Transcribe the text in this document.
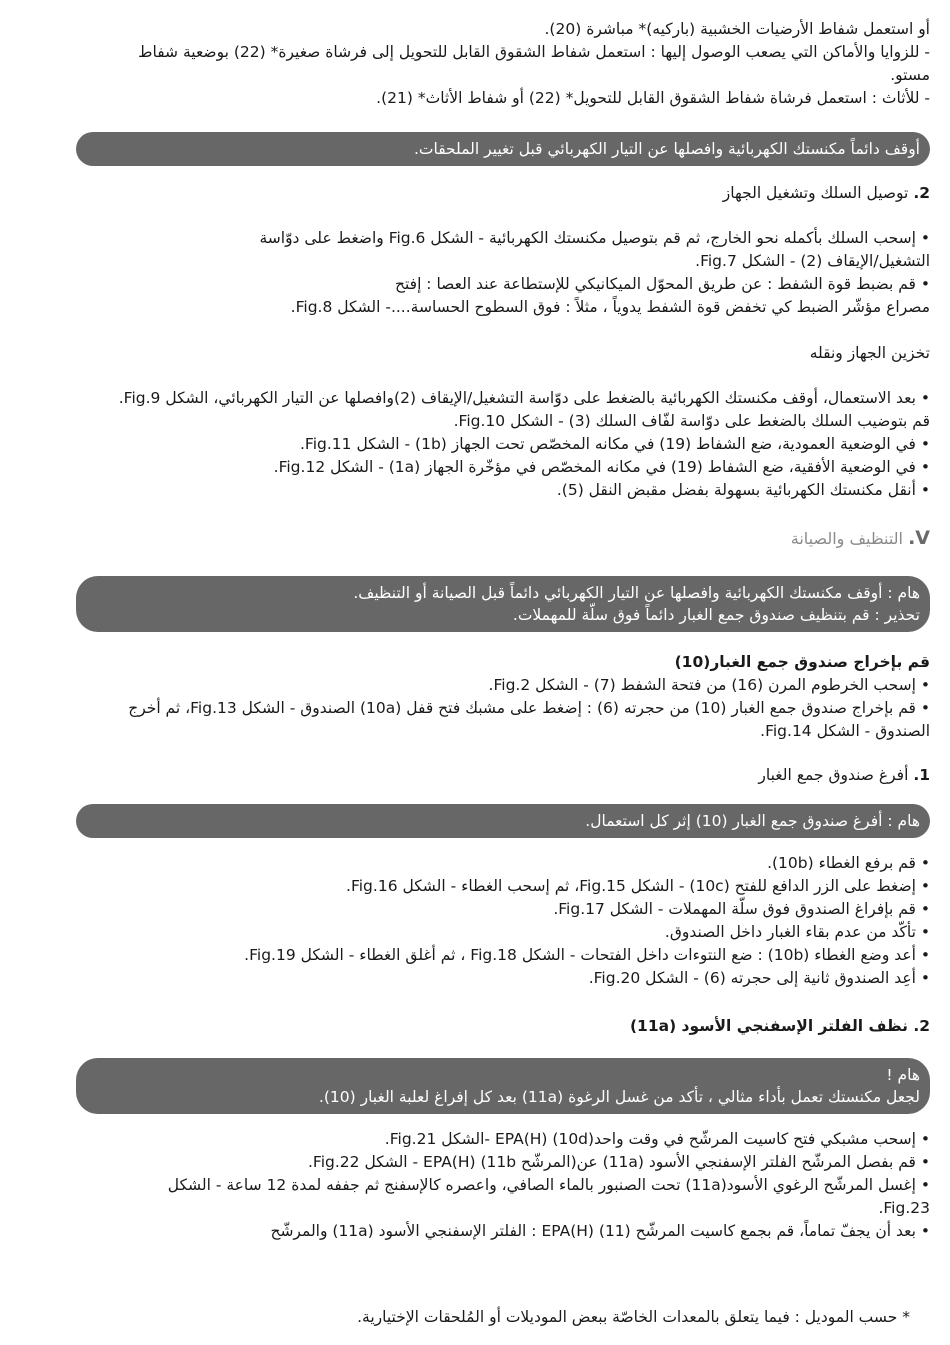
أو استعمل شفاط الأرضيات الخشبية (باركيه)* مباشرة (20).

- للزوايا والأماكن التي يصعب الوصول إليها : استعمل شفاط الشقوق القابل للتحويل إلى فرشاة صغيرة* (22) بوضعية شفاط

مستو.

- للأثاث : استعمل فرشاة شفاط الشقوق القابل للتحويل* (22) أو شفاط الأثاث* (21).

أوقف دائماً مكنستك الكهربائية وافصلها عن التيار الكهربائي قبل تغيير الملحقات.

2. توصيل السلك وتشغيل الجهاز

• إسحب السلك بأكمله نحو الخارج، ثم قم بتوصيل مكنستك الكهربائية - الشكل Fig.6 واضغط على دوّاسة

التشغيل/الإيقاف (2) - الشكل 7.Fig.

• قم بضبط قوة الشفط : عن طريق المحوّل الميكانيكي للإستطاعة عند العصا : إفتح

مصراع مؤشّر الضبط كي تخفض قوة الشفط يدوياً ، مثلاً : فوق السطوح الحساسة....- الشكل 8.Fig.

تخزين الجهاز ونقله

• بعد الاستعمال، أوقف مكنستك الكهربائية بالضغط على دوّاسة التشغيل/الإيقاف (2)وافصلها عن التيار الكهربائي، الشكل 9.Fig.

قم بتوضيب السلك بالضغط على دوّاسة لفّاف السلك (3) - الشكل 10.Fig.

• في الوضعية العمودية، ضع الشفاط (19) في مكانه المخصّص تحت الجهاز (1b) - الشكل 11.Fig.

• في الوضعية الأفقية، ضع الشفاط (19) في مكانه المخصّص في مؤخّرة الجهاز (1a) - الشكل 12.Fig.

• أنقل مكنستك الكهربائية بسهولة بفضل مقبض النقل (5).

V. التنظيف والصيانة

هام : أوقف مكنستك الكهربائية وافصلها عن التيار الكهربائي دائماً قبل الصيانة أو التنظيف.

تحذير : قم بتنظيف صندوق جمع الغبار دائماً فوق سلّة للمهملات.

قم بإخراج صندوق جمع الغبار(10)

• إسحب الخرطوم المرن (16) من فتحة الشفط (7) - الشكل 2.Fig.

• قم بإخراج صندوق جمع الغبار (10) من حجرته (6) : إضغط على مشبك فتح قفل (10a) الصندوق - الشكل 13.Fig، ثم أخرج

الصندوق - الشكل 14.Fig.

1. أفرغ صندوق جمع الغبار

هام : أفرغ صندوق جمع الغبار (10) إثر كل استعمال.

• قم برفع الغطاء (10b).

• إضغط على الزر الدافع للفتح (10c) - الشكل 15.Fig، ثم إسحب الغطاء - الشكل 16.Fig.

• قم بإفراغ الصندوق فوق سلّة المهملات - الشكل 17.Fig.

• تأكّد من عدم بقاء الغبار داخل الصندوق.

• أعد وضع الغطاء (10b) : ضع النتوءات داخل الفتحات - الشكل 18.Fig ، ثم أغلق الغطاء - الشكل 19.Fig.

• أعِد الصندوق ثانية إلى حجرته (6) - الشكل 20.Fig.

2. نظف الفلتر الإسفنجي الأسود (11a)

هام !

لجعل مكنستك تعمل بأداء مثالي ، تأكد من غسل الرغوة (11a) بعد كل إفراغ لعلبة الغبار (10).

• إسحب مشبكي فتح كاسيت المرشّح في وقت واحد(10d) EPA(H) -الشكل 21.Fig.

• قم بفصل المرشّح الفلتر الإسفنجي الأسود (11a) عن(المرشّح 11b) EPA(H) - الشكل 22.Fig.

• إغسل المرشّح الرغوي الأسود(11a) تحت الصنبور بالماء الصافي، واعصره كالإسفنج ثم جففه لمدة 12 ساعة - الشكل

23.Fig.

• بعد أن يجفّ تماماً، قم بجمع كاسيت المرشّح (11) EPA(H) : الفلتر الإسفنجي الأسود (11a) والمرشّح

* حسب الموديل : فيما يتعلق بالمعدات الخاصّة ببعض الموديلات أو المُلحقات الإختيارية.
